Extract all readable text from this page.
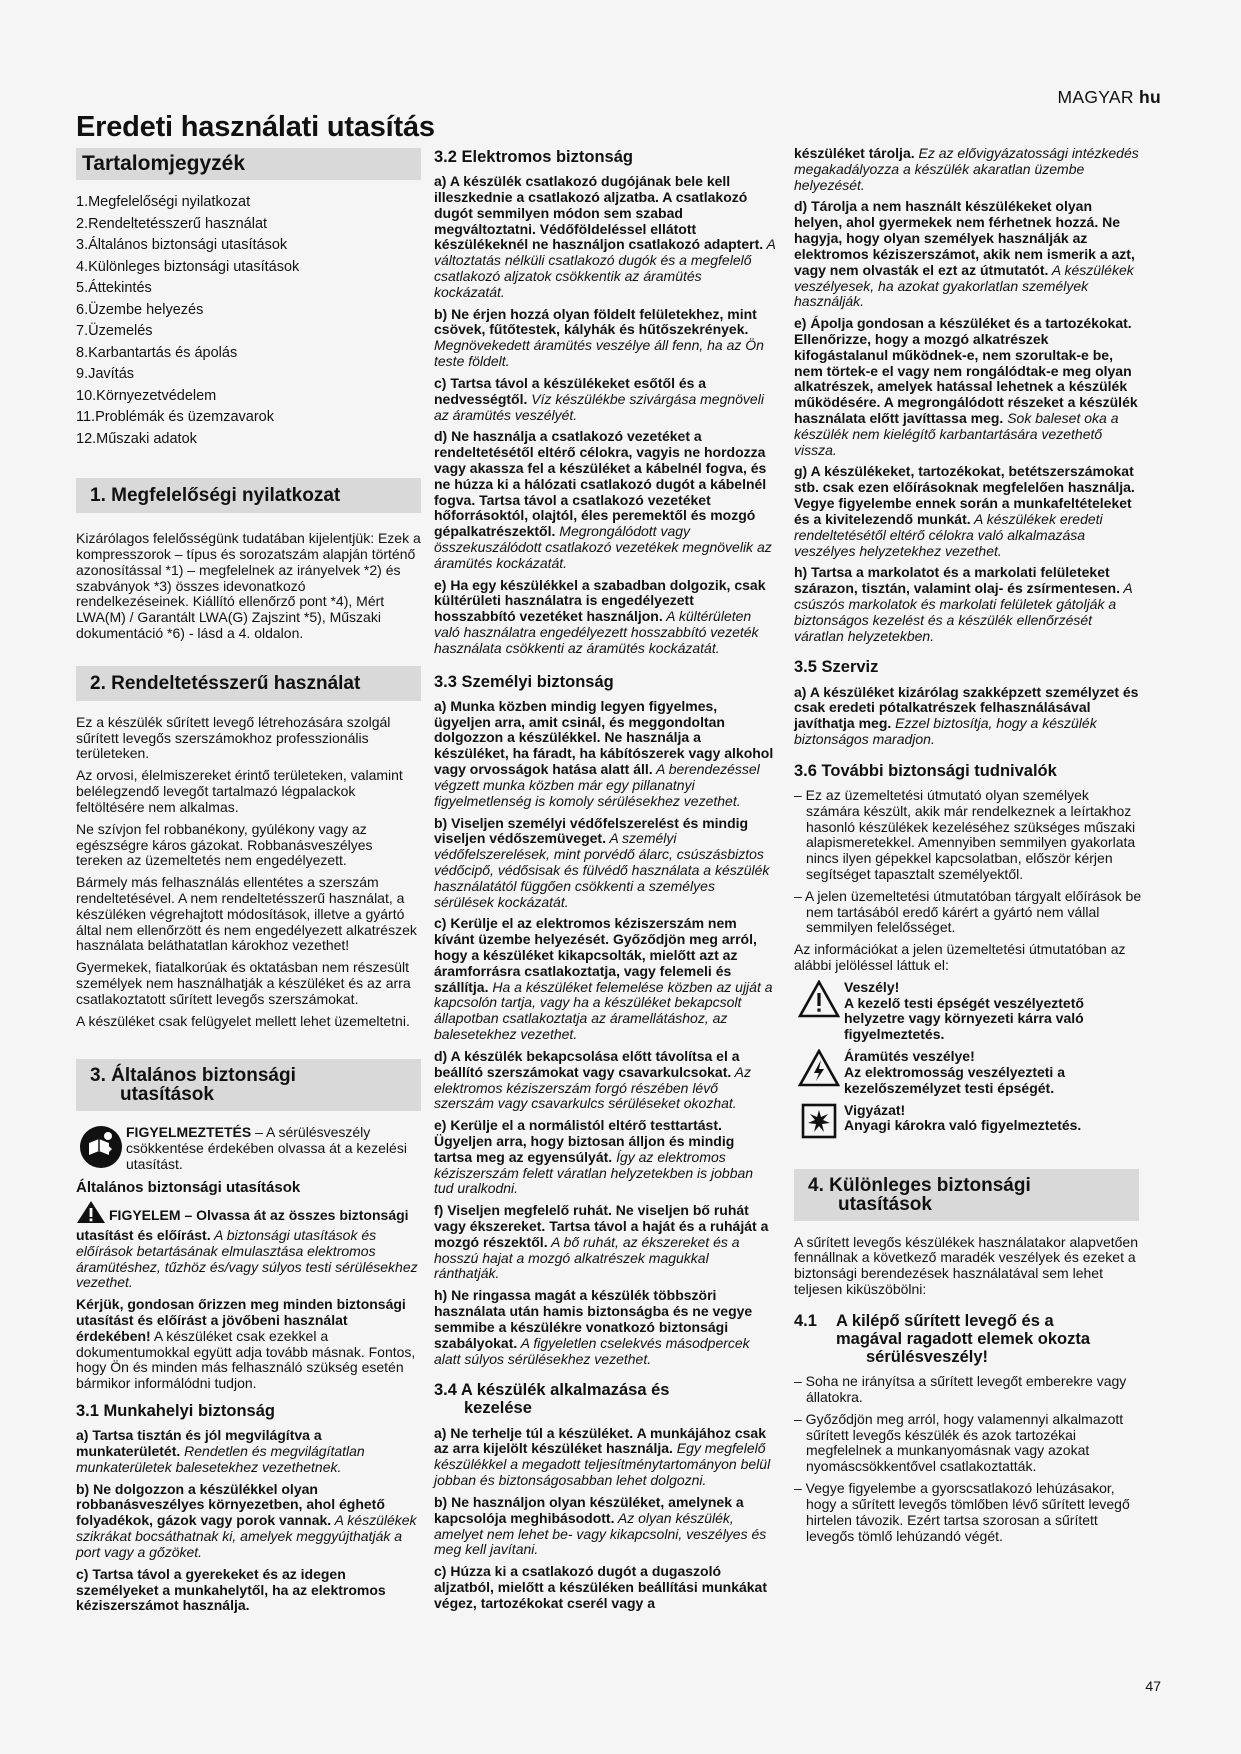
MAGYAR hu
Eredeti használati utasítás
Tartalomjegyzék
1.Megfelelőségi nyilatkozat
2.Rendeltetésszerű használat
3.Általános biztonsági utasítások
4.Különleges biztonsági utasítások
5.Áttekintés
6.Üzembe helyezés
7.Üzemelés
8.Karbantartás és ápolás
9.Javítás
10.Környezetvédelem
11.Problémák és üzemzavarok
12.Műszaki adatok
1. Megfelelőségi nyilatkozat

Kizárólagos felelősségünk tudatában kijelentjük: Ezek a kompresszorok – típus és sorozatszám alapján történő azonosítással *1) – megfelelnek az irányelvek *2) és szabványok *3) összes idevonatkozó rendelkezéseinek. Kiállító ellenőrző pont *4), Mért LWA(M) / Garantált LWA(G) Zajszint *5), Műszaki dokumentáció *6) - lásd a 4. oldalon.

2. Rendeltetésszerű használat

Ez a készülék sűrített levegő létrehozására szolgál sűrített levegős szerszámokhoz professzionális területeken.

Az orvosi, élelmiszereket érintő területeken, valamint belélegzendő levegőt tartalmazó légpalackok feltöltésére nem alkalmas.

Ne szívjon fel robbanékony, gyúlékony vagy az egészségre káros gázokat. Robbanásveszélyes tereken az üzemeltetés nem engedélyezett.

Bármely más felhasználás ellentétes a szerszám rendeltetésével. A nem rendeltetésszerű használat, a készüléken végrehajtott módosítások, illetve a gyártó által nem ellenőrzött és nem engedélyezett alkatrészek használata beláthatatlan károkhoz vezethet!

Gyermekek, fiatalkorúak és oktatásban nem részesült személyek nem használhatják a készüléket és az arra csatlakoztatott sűrített levegős szerszámokat.

A készüléket csak felügyelet mellett lehet üzemeltetni.

3. Általános biztonsági
utasítások
FIGYELMEZTETÉS – A sérülésveszély csökkentése érdekében olvassa át a kezelési utasítást.
Általános biztonsági utasítások

FIGYELEM – Olvassa át az összes biztonsági utasítást és előírást. A biztonsági utasítások és előírások betartásának elmulasztása elektromos áramütéshez, tűzhöz és/vagy súlyos testi sérülésekhez vezethet.

Kérjük, gondosan őrizzen meg minden biztonsági utasítást és előírást a jövőbeni használat érdekében! A készüléket csak ezekkel a dokumentumokkal együtt adja tovább másnak. Fontos, hogy Ön és minden más felhasználó szükség esetén bármikor informálódni tudjon.

3.1 Munkahelyi biztonság

a) Tartsa tisztán és jól megvilágítva a munkaterületét. Rendetlen és megvilágítatlan munkaterületek balesetekhez vezethetnek.

b) Ne dolgozzon a készülékkel olyan robbanásveszélyes környezetben, ahol éghető folyadékok, gázok vagy porok vannak. A készülékek szikrákat bocsáthatnak ki, amelyek meggyújthatják a port vagy a gőzöket.

c) Tartsa távol a gyerekeket és az idegen személyeket a munkahelytől, ha az elektromos kéziszerszámot használja.

3.2 Elektromos biztonság

a) A készülék csatlakozó dugójának bele kell illeszkednie a csatlakozó aljzatba. A csatlakozó dugót semmilyen módon sem szabad megváltoztatni. Védőföldeléssel ellátott készülékeknél ne használjon csatlakozó adaptert. A változtatás nélküli csatlakozó dugók és a megfelelő csatlakozó aljzatok csökkentik az áramütés kockázatát.

b) Ne érjen hozzá olyan földelt felületekhez, mint csövek, fűtőtestek, kályhák és hűtőszekrények. Megnövekedett áramütés veszélye áll fenn, ha az Ön teste földelt.

c) Tartsa távol a készülékeket esőtől és a nedvességtől. Víz készülékbe szivárgása megnöveli az áramütés veszélyét.

d) Ne használja a csatlakozó vezetéket a rendeltetésétől eltérő célokra, vagyis ne hordozza vagy akassza fel a készüléket a kábelnél fogva, és ne húzza ki a hálózati csatlakozó dugót a kábelnél fogva. Tartsa távol a csatlakozó vezetéket hőforrásoktól, olajtól, éles peremektől és mozgó gépalkatrészektől. Megrongálódott vagy összekuszálódott csatlakozó vezetékek megnövelik az áramütés kockázatát.

e) Ha egy készülékkel a szabadban dolgozik, csak kültérületi használatra is engedélyezett hosszabbító vezetéket használjon. A kültérületen való használatra engedélyezett hosszabbító vezeték használata csökkenti az áramütés kockázatát.

3.3 Személyi biztonság

a) Munka közben mindig legyen figyelmes, ügyeljen arra, amit csinál, és meggondoltan dolgozzon a készülékkel. Ne használja a készüléket, ha fáradt, ha kábítószerek vagy alkohol vagy orvosságok hatása alatt áll. A berendezéssel végzett munka közben már egy pillanatnyi figyelmetlenség is komoly sérülésekhez vezethet.

b) Viseljen személyi védőfelszerelést és mindig viseljen védőszemüveget. A személyi védőfelszerelések, mint porvédő álarc, csúszásbiztos védőcipő, védősisak és fülvédő használata a készülék használatától függően csökkenti a személyes sérülések kockázatát.

c) Kerülje el az elektromos kéziszerszám nem kívánt üzembe helyezését. Győződjön meg arról, hogy a készüléket kikapcsolták, mielőtt azt az áramforrásra csatlakoztatja, vagy felemeli és szállítja. Ha a készüléket felemelése közben az ujját a kapcsolón tartja, vagy ha a készüléket bekapcsolt állapotban csatlakoztatja az áramellátáshoz, az balesetekhez vezethet.

d) A készülék bekapcsolása előtt távolítsa el a beállító szerszámokat vagy csavarkulcsokat. Az elektromos kéziszerszám forgó részében lévő szerszám vagy csavarkulcs sérüléseket okozhat.

e) Kerülje el a normálistól eltérő testtartást. Ügyeljen arra, hogy biztosan álljon és mindig tartsa meg az egyensúlyát. Így az elektromos kéziszerszám felett váratlan helyzetekben is jobban tud uralkodni.

f) Viseljen megfelelő ruhát. Ne viseljen bő ruhát vagy ékszereket. Tartsa távol a haját és a ruháját a mozgó részektől. A bő ruhát, az ékszereket és a hosszú hajat a mozgó alkatrészek magukkal ránthatják.

h) Ne ringassa magát a készülék többszöri használata után hamis biztonságba és ne vegye semmibe a készülékre vonatkozó biztonsági szabályokat. A figyeletlen cselekvés másodpercek alatt súlyos sérülésekhez vezethet.

3.4 A készülék alkalmazása és
kezelése

a) Ne terhelje túl a készüléket. A munkájához csak az arra kijelölt készüléket használja. Egy megfelelő készülékkel a megadott teljesítménytartományon belül jobban és biztonságosabban lehet dolgozni.

b) Ne használjon olyan készüléket, amelynek a kapcsolója meghibásodott. Az olyan készülék, amelyet nem lehet be- vagy kikapcsolni, veszélyes és meg kell javítani.

c) Húzza ki a csatlakozó dugót a dugaszoló aljzatból, mielőtt a készüléken beállítási munkákat végez, tartozékokat cserél vagy a

készüléket tárolja. Ez az elővigyázatossági intézkedés megakadályozza a készülék akaratlan üzembe helyezését.

d) Tárolja a nem használt készülékeket olyan helyen, ahol gyermekek nem férhetnek hozzá. Ne hagyja, hogy olyan személyek használják az elektromos kéziszerszámot, akik nem ismerik a azt, vagy nem olvasták el ezt az útmutatót. A készülékek veszélyesek, ha azokat gyakorlatlan személyek használják.

e) Ápolja gondosan a készüléket és a tartozékokat. Ellenőrizze, hogy a mozgó alkatrészek kifogástalanul működnek-e, nem szorultak-e be, nem törtek-e el vagy nem rongálódtak-e meg olyan alkatrészek, amelyek hatással lehetnek a készülék működésére. A megrongálódott részeket a készülék használata előtt javíttassa meg. Sok baleset oka a készülék nem kielégítő karbantartására vezethető vissza.

g) A készülékeket, tartozékokat, betétszerszámokat stb. csak ezen előírásoknak megfelelően használja. Vegye figyelembe ennek során a munkafeltételeket és a kivitelezendő munkát. A készülékek eredeti rendeltetésétől eltérő célokra való alkalmazása veszélyes helyzetekhez vezethet.

h) Tartsa a markolatot és a markolati felületeket szárazon, tisztán, valamint olaj- és zsírmentesen. A csúszós markolatok és markolati felületek gátolják a biztonságos kezelést és a készülék ellenőrzését váratlan helyzetekben.

3.5 Szerviz

a) A készüléket kizárólag szakképzett személyzet és csak eredeti pótalkatrészek felhasználásával javíthatja meg. Ezzel biztosítja, hogy a készülék biztonságos maradjon.

3.6 További biztonsági tudnivalók

– Ez az üzemeltetési útmutató olyan személyek számára készült, akik már rendelkeznek a leírtakhoz hasonló készülékek kezeléséhez szükséges műszaki alapismeretekkel. Amennyiben semmilyen gyakorlata nincs ilyen gépekkel kapcsolatban, először kérjen segítséget tapasztalt személyektől.

– A jelen üzemeltetési útmutatóban tárgyalt előírások be nem tartásából eredő kárért a gyártó nem vállal semmilyen felelősséget.

Az információkat a jelen üzemeltetési útmutatóban az alábbi jelöléssel láttuk el:

Veszély!
A kezelő testi épségét veszélyeztető helyzetre vagy környezeti kárra való figyelmeztetés.
Áramütés veszélye!
Az elektromosság veszélyezteti a kezelőszemélyzet testi épségét.
Vigyázat!
Anyagi károkra való figyelmeztetés.
4. Különleges biztonsági
utasítások

A sűrített levegős készülékek használatakor alapvetően fennállnak a következő maradék veszélyek és ezeket a biztonsági berendezések használatával sem lehet teljesen kiküszöbölni:

4.1 A kilépő sűrített levegő és a
magával ragadott elemek okozta
sérülésveszély!

– Soha ne irányítsa a sűrített levegőt emberekre vagy állatokra.

– Győződjön meg arról, hogy valamennyi alkalmazott sűrített levegős készülék és azok tartozékai megfelelnek a munkanyomásnak vagy azokat nyomáscsökkentővel csatlakoztatták.

– Vegye figyelembe a gyorscsatlakozó lehúzásakor, hogy a sűrített levegős tömlőben lévő sűrített levegő hirtelen távozik. Ezért tartsa szorosan a sűrített levegős tömlő lehúzandó végét.

47
